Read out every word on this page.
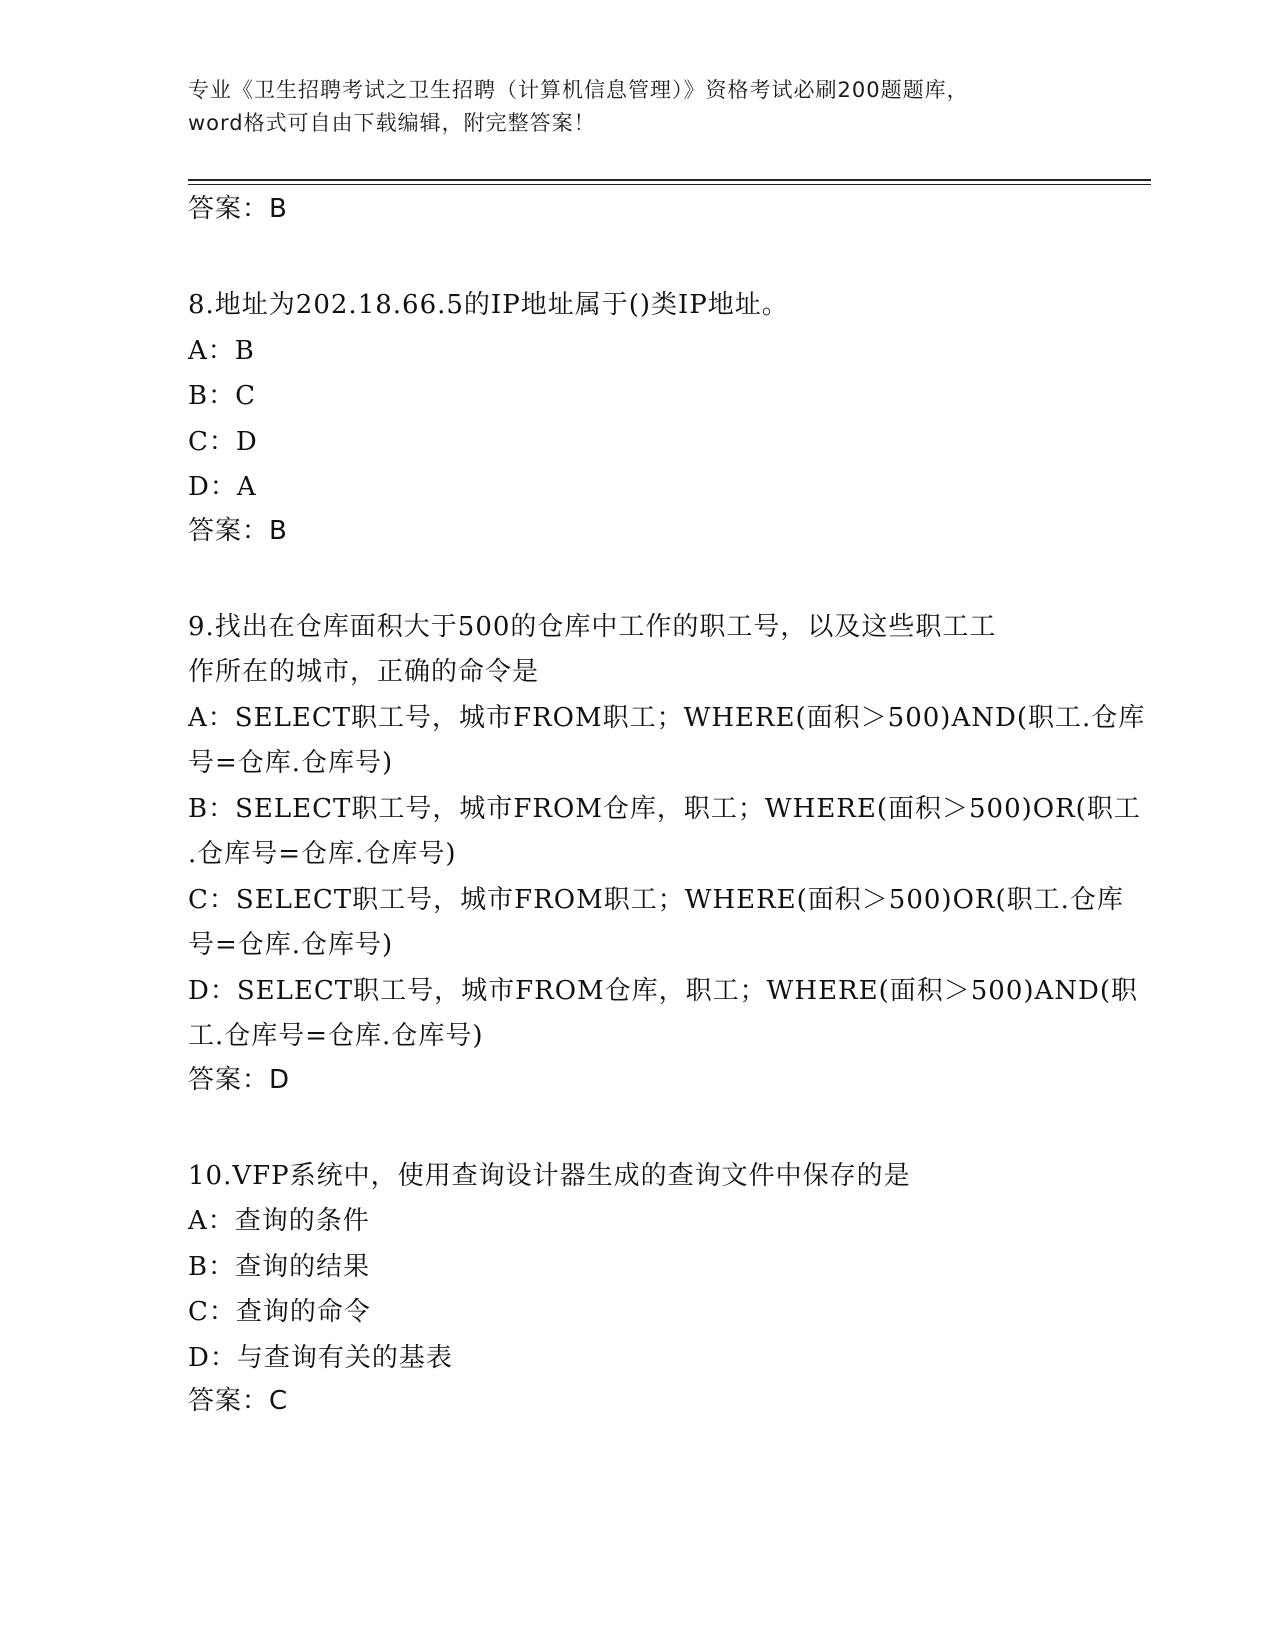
专业《卫生招聘考试之卫生招聘（计算机信息管理）》资格考试必刷200题题库，
word格式可自由下载编辑，附完整答案！

答案：B

8.地址为202.18.66.5的IP地址属于()类IP地址。

A：B

B：C

C：D

D：A

答案：B

9.找出在仓库面积大于500的仓库中工作的职工号，以及这些职工工
作所在的城市，正确的命令是

A：SELECT职工号，城市FROM职工；WHERE(面积＞500)AND(职工.仓库
号=仓库.仓库号)

B：SELECT职工号，城市FROM仓库，职工；WHERE(面积＞500)OR(职工
.仓库号=仓库.仓库号)

C：SELECT职工号，城市FROM职工；WHERE(面积＞500)OR(职工.仓库
号=仓库.仓库号)

D：SELECT职工号，城市FROM仓库，职工；WHERE(面积＞500)AND(职
工.仓库号=仓库.仓库号)

答案：D

10.VFP系统中，使用查询设计器生成的查询文件中保存的是

A：查询的条件

B：查询的结果

C：查询的命令

D：与查询有关的基表

答案：C
